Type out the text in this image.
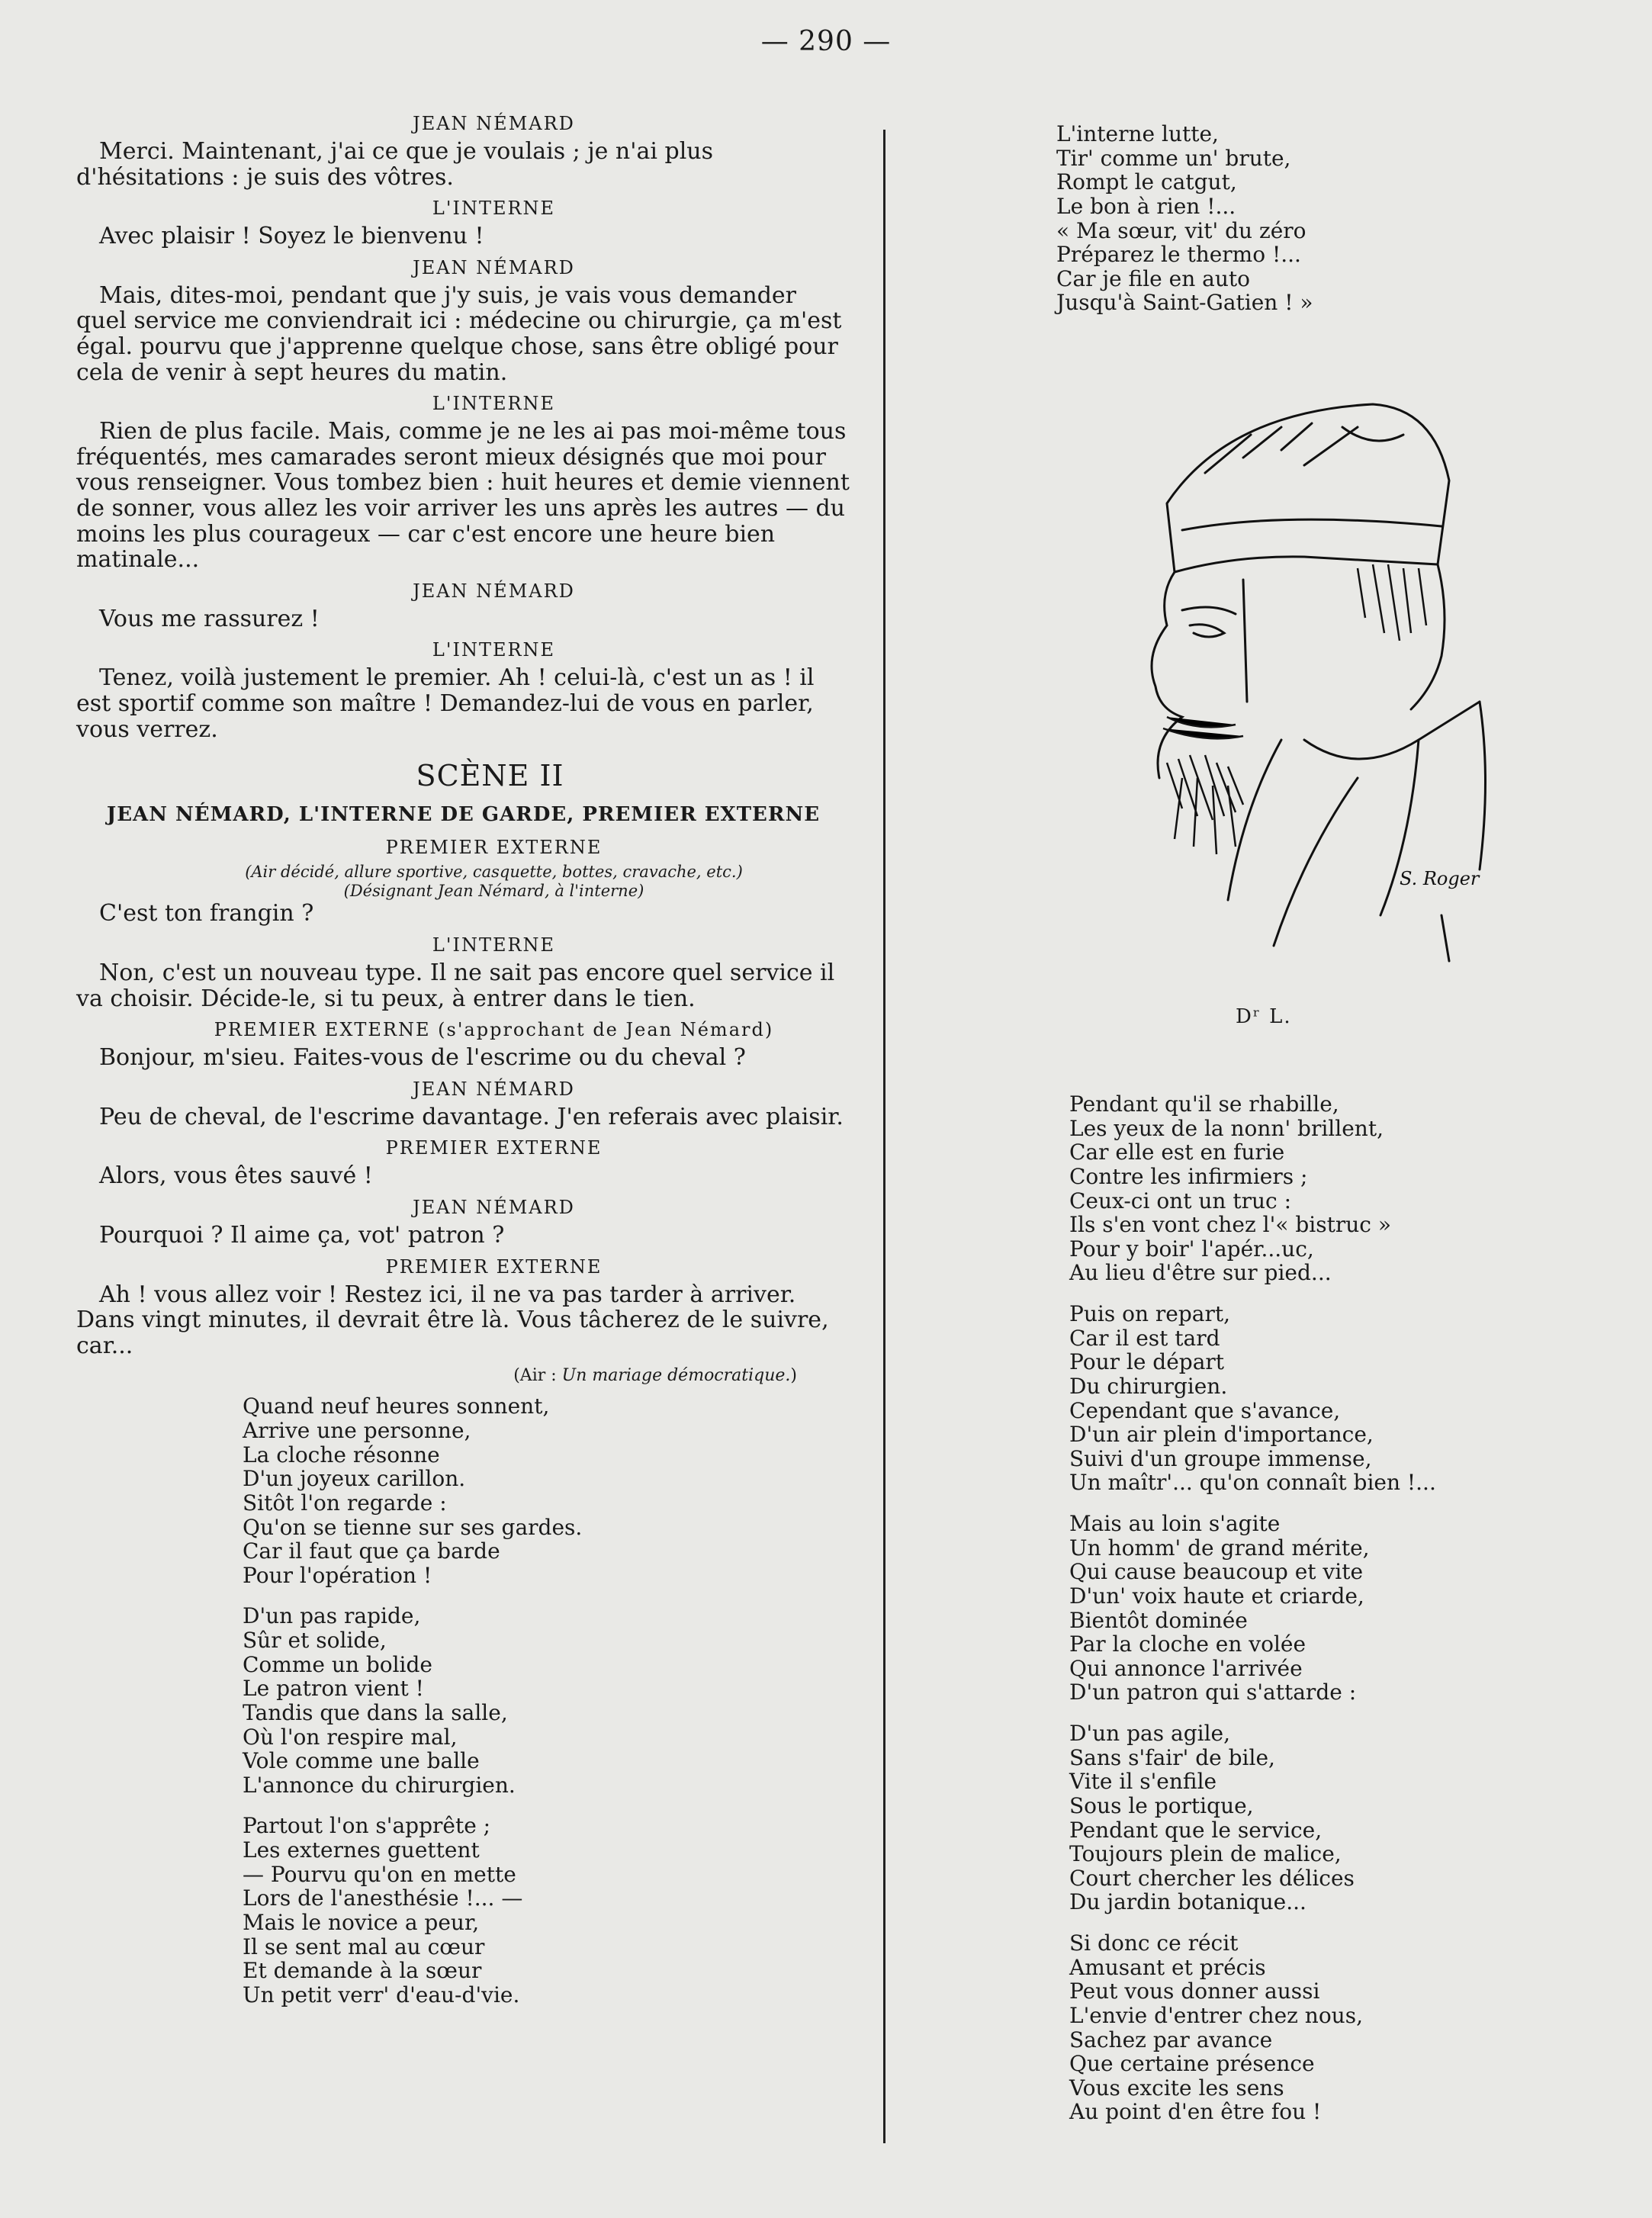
— 290 —
JEAN NÉMARD
Merci. Maintenant, j'ai ce que je voulais ; je n'ai plus d'hésitations : je suis des vôtres.
L'INTERNE
Avec plaisir ! Soyez le bienvenu !
JEAN NÉMARD
Mais, dites-moi, pendant que j'y suis, je vais vous demander quel service me conviendrait ici : médecine ou chirurgie, ça m'est égal. pourvu que j'apprenne quelque chose, sans être obligé pour cela de venir à sept heures du matin.
L'INTERNE
Rien de plus facile. Mais, comme je ne les ai pas moi-même tous fréquentés, mes camarades seront mieux désignés que moi pour vous renseigner. Vous tombez bien : huit heures et demie viennent de sonner, vous allez les voir arriver les uns après les autres — du moins les plus courageux — car c'est encore une heure bien matinale...
JEAN NÉMARD
Vous me rassurez !
L'INTERNE
Tenez, voilà justement le premier. Ah ! celui-là, c'est un as ! il est sportif comme son maître ! Demandez-lui de vous en parler, vous verrez.
SCÈNE II
JEAN NÉMARD, L'INTERNE DE GARDE, PREMIER EXTERNE
PREMIER EXTERNE
(Air décidé, allure sportive, casquette, bottes, cravache, etc.)
(Désignant Jean Némard, à l'interne)
C'est ton frangin ?
L'INTERNE
Non, c'est un nouveau type. Il ne sait pas encore quel service il va choisir. Décide-le, si tu peux, à entrer dans le tien.
PREMIER EXTERNE (s'approchant de Jean Némard)
Bonjour, m'sieu. Faites-vous de l'escrime ou du cheval ?
JEAN NÉMARD
Peu de cheval, de l'escrime davantage. J'en referais avec plaisir.
PREMIER EXTERNE
Alors, vous êtes sauvé !
JEAN NÉMARD
Pourquoi ? Il aime ça, vot' patron ?
PREMIER EXTERNE
Ah ! vous allez voir ! Restez ici, il ne va pas tarder à arriver. Dans vingt minutes, il devrait être là. Vous tâcherez de le suivre, car...
(Air : Un mariage démocratique.)
Quand neuf heures sonnent,
Arrive une personne,
La cloche résonne
D'un joyeux carillon.
Sitôt l'on regarde :
Qu'on se tienne sur ses gardes.
Car il faut que ça barde
Pour l'opération !
D'un pas rapide,
Sûr et solide,
Comme un bolide
Le patron vient !
Tandis que dans la salle,
Où l'on respire mal,
Vole comme une balle
L'annonce du chirurgien.
Partout l'on s'apprête ;
Les externes guettent
— Pourvu qu'on en mette
Lors de l'anesthésie !... —
Mais le novice a peur,
Il se sent mal au cœur
Et demande à la sœur
Un petit verr' d'eau-d'vie.
L'interne lutte,
Tir' comme un' brute,
Rompt le catgut,
Le bon à rien !...
« Ma sœur, vit' du zéro
Préparez le thermo !...
Car je file en auto
Jusqu'à Saint-Gatien ! »
S. Roger
Dʳ L.
Pendant qu'il se rhabille,
Les yeux de la nonn' brillent,
Car elle est en furie
Contre les infirmiers ;
Ceux-ci ont un truc :
Ils s'en vont chez l'« bistruc »
Pour y boir' l'apér...uc,
Au lieu d'être sur pied...
Puis on repart,
Car il est tard
Pour le départ
Du chirurgien.
Cependant que s'avance,
D'un air plein d'importance,
Suivi d'un groupe immense,
Un maîtr'... qu'on connaît bien !...
Mais au loin s'agite
Un homm' de grand mérite,
Qui cause beaucoup et vite
D'un' voix haute et criarde,
Bientôt dominée
Par la cloche en volée
Qui annonce l'arrivée
D'un patron qui s'attarde :
D'un pas agile,
Sans s'fair' de bile,
Vite il s'enfile
Sous le portique,
Pendant que le service,
Toujours plein de malice,
Court chercher les délices
Du jardin botanique...
Si donc ce récit
Amusant et précis
Peut vous donner aussi
L'envie d'entrer chez nous,
Sachez par avance
Que certaine présence
Vous excite les sens
Au point d'en être fou !
